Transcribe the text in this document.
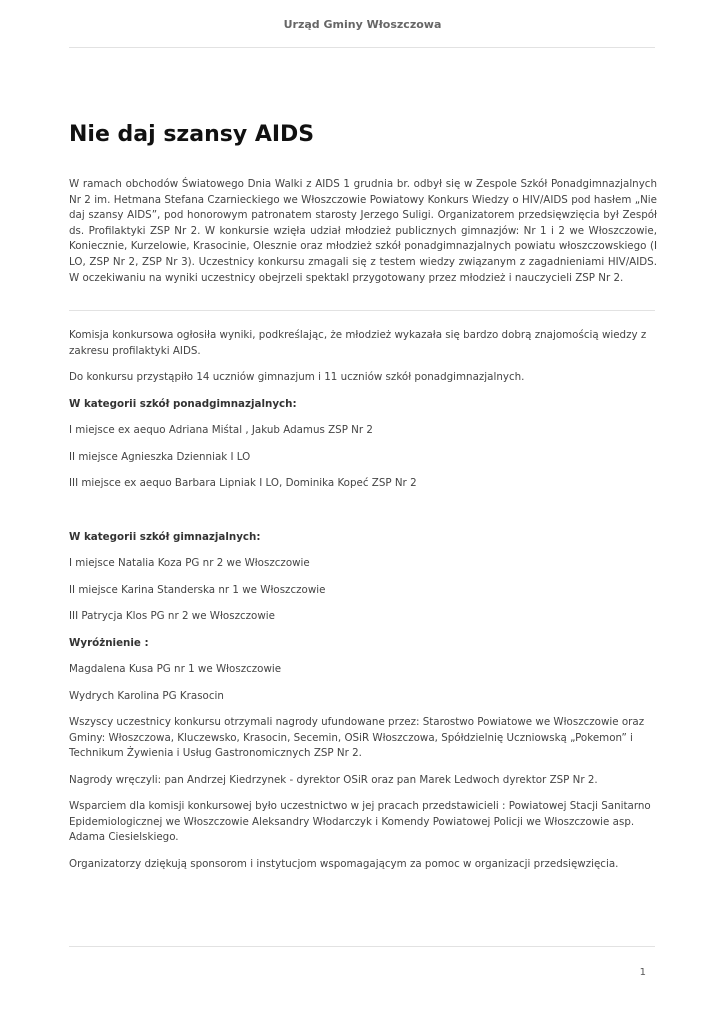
Urząd Gminy Włoszczowa
Nie daj szansy AIDS

W ramach obchodów Światowego Dnia Walki z AIDS 1 grudnia br. odbył się w Zespole Szkół Ponadgimnazjalnych Nr 2 im. Hetmana Stefana Czarnieckiego we Włoszczowie Powiatowy Konkurs Wiedzy o HIV/AIDS pod hasłem „Nie daj szansy AIDS”, pod honorowym patronatem starosty Jerzego Suligi. Organizatorem przedsięwzięcia był Zespół ds. Profilaktyki ZSP Nr 2. W konkursie wzięła udział młodzież publicznych gimnazjów: Nr 1 i 2 we Włoszczowie, Koniecznie, Kurzelowie, Krasocinie, Olesznie oraz młodzież szkół ponadgimnazjalnych powiatu włoszczowskiego (I LO, ZSP Nr 2, ZSP Nr 3). Uczestnicy konkursu zmagali się z testem wiedzy związanym z zagadnieniami HIV/AIDS. W oczekiwaniu na wyniki uczestnicy obejrzeli spektakl przygotowany przez młodzież i nauczycieli ZSP Nr 2.

Komisja konkursowa ogłosiła wyniki, podkreślając, że młodzież wykazała się bardzo dobrą znajomością wiedzy z zakresu profilaktyki AIDS.

Do konkursu przystąpiło 14 uczniów gimnazjum i 11 uczniów szkół ponadgimnazjalnych.

W kategorii szkół ponadgimnazjalnych:

I miejsce ex aequo Adriana Miśtal , Jakub Adamus ZSP Nr 2

II miejsce Agnieszka Dzienniak I LO

III miejsce ex aequo Barbara Lipniak I LO, Dominika Kopeć ZSP Nr 2

W kategorii szkół gimnazjalnych:

I miejsce Natalia Koza PG nr 2 we Włoszczowie

II miejsce Karina Standerska nr 1 we Włoszczowie

III Patrycja Klos PG nr 2 we Włoszczowie

Wyróżnienie :

Magdalena Kusa PG nr 1 we Włoszczowie

Wydrych Karolina PG Krasocin

Wszyscy uczestnicy konkursu otrzymali nagrody ufundowane przez: Starostwo Powiatowe we Włoszczowie oraz Gminy: Włoszczowa, Kluczewsko, Krasocin, Secemin, OSiR Włoszczowa, Spółdzielnię Uczniowską „Pokemon” i Technikum Żywienia i Usług Gastronomicznych ZSP Nr 2.

Nagrody wręczyli: pan Andrzej Kiedrzynek - dyrektor OSiR oraz pan Marek Ledwoch dyrektor ZSP Nr 2.

Wsparciem dla komisji konkursowej było uczestnictwo w jej pracach przedstawicieli : Powiatowej Stacji Sanitarno Epidemiologicznej we Włoszczowie Aleksandry Włodarczyk i Komendy Powiatowej Policji we Włoszczowie asp. Adama Ciesielskiego.

Organizatorzy dziękują sponsorom i instytucjom wspomagającym za pomoc w organizacji przedsięwzięcia.

1
